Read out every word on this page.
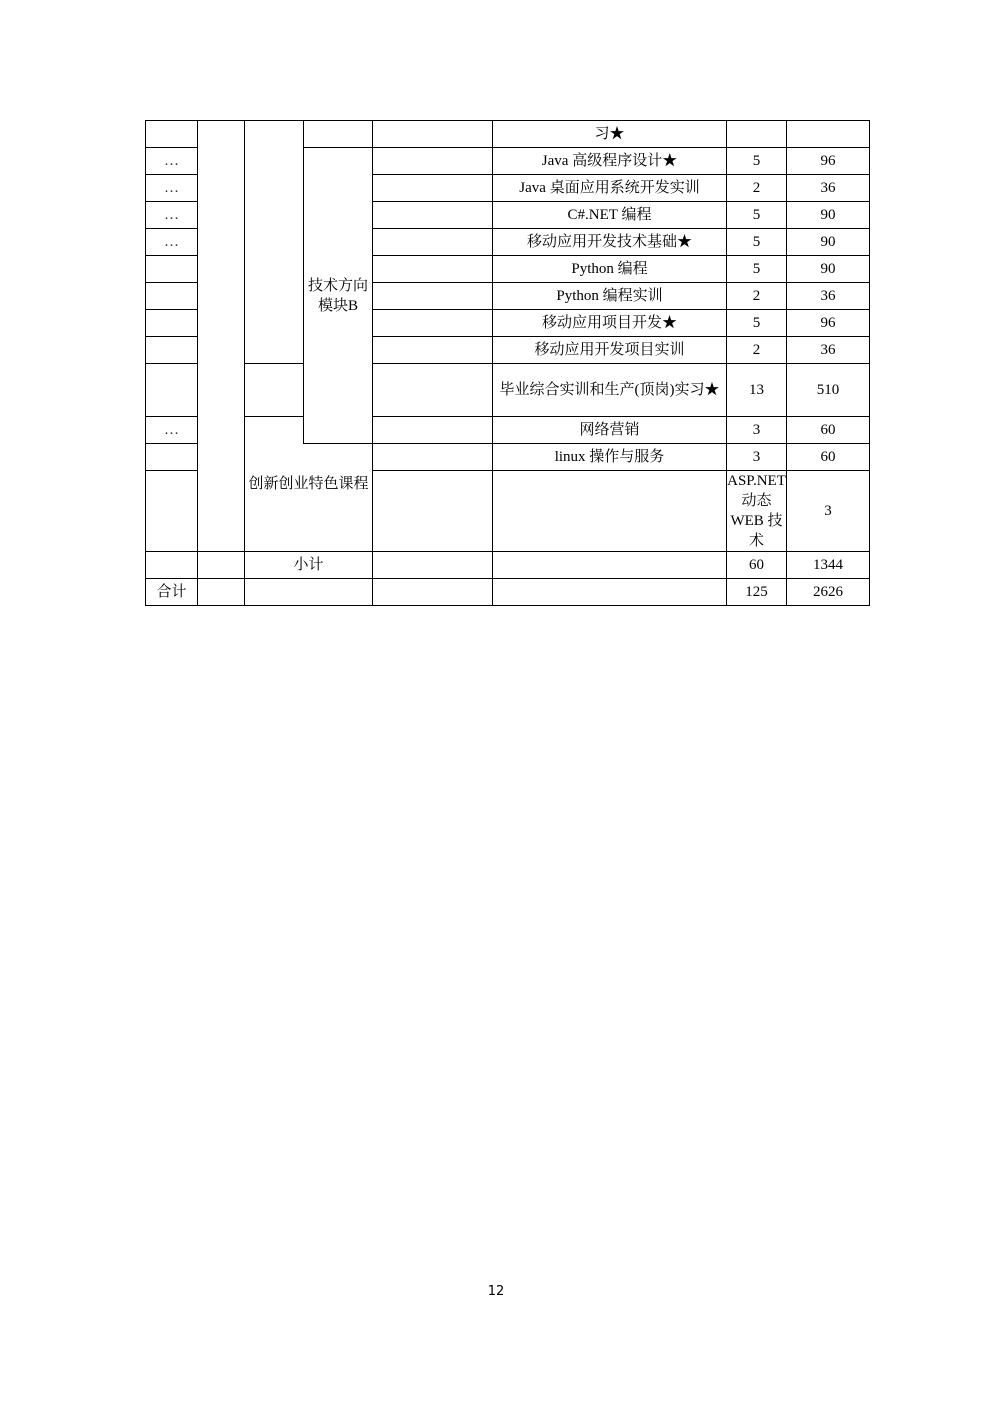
					习★			
…			技术方向模块B		Java 高级程序设计★	5	96	
…					Java 桌面应用系统开发实训	2	36	
…					C#.NET 编程	5	90	
…					移动应用开发技术基础★	5	90	
					Python 编程	5	90	
					Python 编程实训	2	36	
					移动应用项目开发★	5	96	
					移动应用开发项目实训	2	36	
					毕业综合实训和生产(顶岗)实习★	13	510	
…		创新创业特色课程			网络营销	3	60	
					linux 操作与服务	3	60	
						ASP.NET 动态 WEB 技术	3	
		小计				60	1344	
合计						125	2626	
12
